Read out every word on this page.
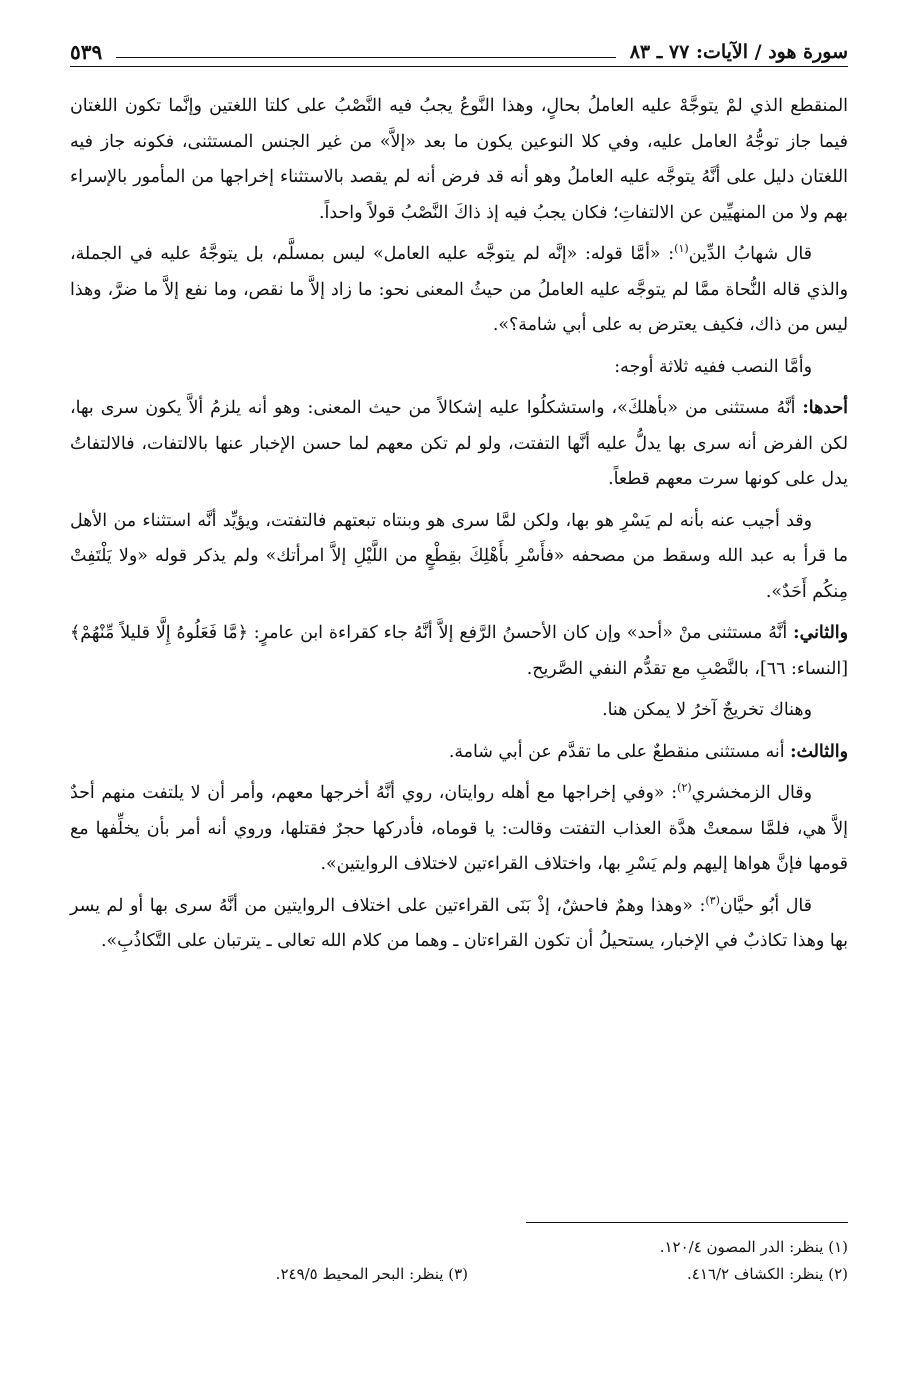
سورة هود / الآيات: ٧٧ ـ ٨٣
٥٣٩

المنقطع الذي لمْ يتوجَّهْ عليه العاملُ بحالٍ، وهذا النَّوعُ يجبُ فيه النَّصْبُ على كلتا اللغتين وإنَّما تكون اللغتان فيما جاز توجُّهُ العامل عليه، وفي كلا النوعين يكون ما بعد «إلاَّ» من غير الجنس المستثنى، فكونه جاز فيه اللغتان دليل على أنَّهُ يتوجَّه عليه العاملُ وهو أنه قد فرض أنه لم يقصد بالاستثناء إخراجها من المأمور بالإسراء بهم ولا من المنهيِّين عن الالتفاتِ؛ فكان يجبُ فيه إذ ذاكَ النَّصْبُ قولاً واحداً.

قال شهابُ الدِّين$^{(١)}$: «أمَّا قوله: «إنَّه لم يتوجَّه عليه العامل» ليس بمسلَّم، بل يتوجَّهُ عليه في الجملة، والذي قاله النُّحاة ممَّا لم يتوجَّه عليه العاملُ من حيثُ المعنى نحو: ما زاد إلاَّ ما نقص، وما نفع إلاَّ ما ضرَّ، وهذا ليس من ذاك، فكيف يعترض به على أبي شامة؟».

وأمَّا النصب ففيه ثلاثة أوجه:

أحدها: أنَّهُ مستثنى من «بأهلكَ»، واستشكلُوا عليه إشكالاً من حيث المعنى: وهو أنه يلزمُ ألاَّ يكون سرى بها، لكن الفرض أنه سرى بها يدلُّ عليه أنَّها التفتت، ولو لم تكن معهم لما حسن الإخبار عنها بالالتفات، فالالتفاتُ يدل على كونها سرت معهم قطعاً.

وقد أجيب عنه بأنه لم يَسْرِ هو بها، ولكن لمَّا سرى هو وبنتاه تبعتهم فالتفتت، ويؤيِّد أنَّه استثناء من الأهل ما قرأ به عبد الله وسقط من مصحفه «فأَسْرِ بأَهْلِكَ بقِطْعٍ من اللَّيْلِ إلاَّ امرأتك» ولم يذكر قوله «ولا يَلْتَفِتْ مِنكُم أَحَدٌ».

والثاني: أنَّهُ مستثنى منْ «أحد» وإن كان الأحسنُ الرَّفع إلاَّ أنَّهُ جاء كقراءة ابن عامرٍ: ﴿مَّا فَعَلُوهُ إِلَّا قليلاً مِّنْهُمْ﴾ [النساء: ٦٦]، بالنَّصْبِ مع تقدُّم النفي الصَّريح.

وهناك تخريجٌ آخرُ لا يمكن هنا.

والثالث: أنه مستثنى منقطعٌ على ما تقدَّم عن أبي شامة.

وقال الزمخشري$^{(٢)}$: «وفي إخراجها مع أهله روايتان، روي أنَّهُ أخرجها معهم، وأمر أن لا يلتفت منهم أحدٌ إلاَّ هي، فلمَّا سمعتْ هدَّة العذاب التفتت وقالت: يا قوماه، فأدركها حجرٌ فقتلها، وروي أنه أمر بأن يخلِّفها مع قومها فإنَّ هواها إليهم ولم يَسْرِ بها، واختلاف القراءتين لاختلاف الروايتين».

قال أبُو حيَّان$^{(٣)}$: «وهذا وهمٌ فاحشٌ، إذْ بَنَى القراءتين على اختلاف الروايتين من أنَّهُ سرى بها أو لم يسر بها وهذا تكاذبٌ في الإخبار، يستحيلُ أن تكون القراءتان ـ وهما من كلام الله تعالى ـ يترتبان على التَّكاذُبِ».

(١) ينظر: الدر المصون ١٢٠/٤.
(٢) ينظر: الكشاف ٤١٦/٢.
(٣) ينظر: البحر المحيط ٢٤٩/٥.
